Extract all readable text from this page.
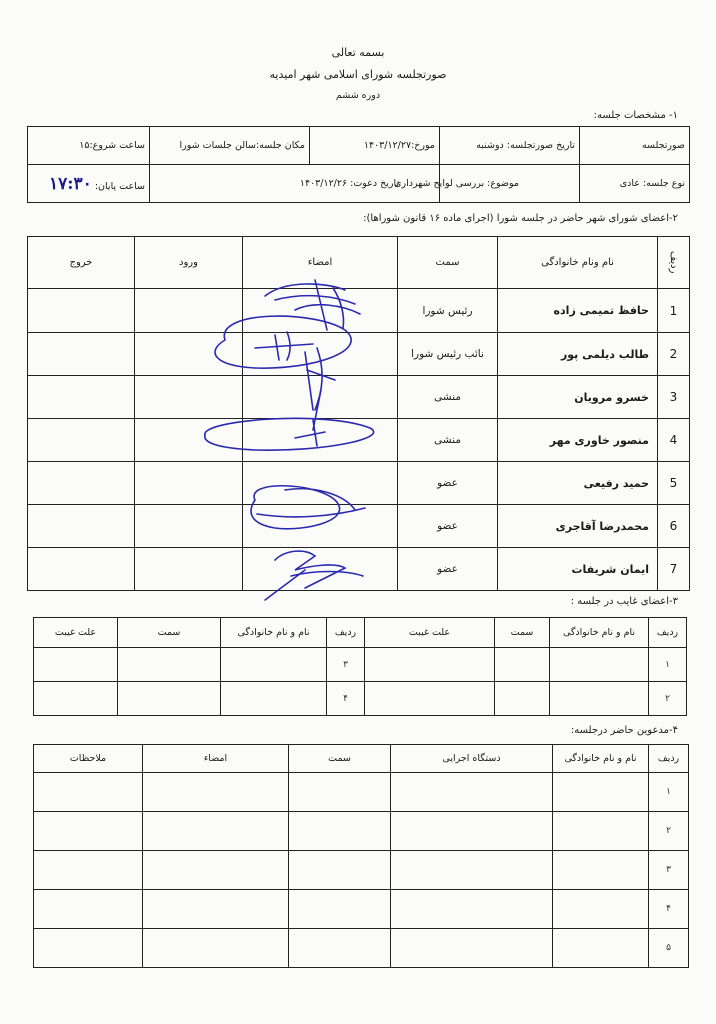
بسمه تعالی
صورتجلسه شورای اسلامی شهر امیدیه
دوره ششم
۱- مشخصات جلسه:
صورتجلسه	تاریخ صورتجلسه: دوشنبه	مورخ:۱۴۰۳/۱۲/۲۷	مکان جلسه:سالن جلسات شورا	ساعت شروع:۱۵
نوع جلسه: عادی	موضوع: بررسی لوایح شهرداری	تاریخ دعوت: ۱۴۰۳/۱۲/۲۶		ساعت پایان: ۱۷:۳۰
۲-اعضای شورای شهر حاضر در جلسه شورا (اجرای ماده ۱۶ قانون شوراها):
ردیف	نام ونام خانوادگی	سمت	امضاء	ورود	خروج
1	حافظ تمیمی زاده	رئیس شورا			
2	طالب دیلمی پور	نائب رئیس شورا			
3	خسرو مرویان	منشی			
4	منصور خاوری مهر	منشی			
5	حمید رفیعی	عضو			
6	محمدرضا آقاجری	عضو			
7	ایمان شریفات	عضو			
۳-اعضای غایب در جلسه :
ردیف	نام و نام خانوادگی	سمت	علت غیبت	ردیف	نام و نام خانوادگی	سمت	علت غیبت
۱				۳			
۲				۴			
۴-مدعوین حاضر درجلسه:
ردیف	نام و نام خانوادگی	دستگاه اجرایی	سمت	امضاء	ملاحظات
۱					
۲					
۳					
۴					
۵					
